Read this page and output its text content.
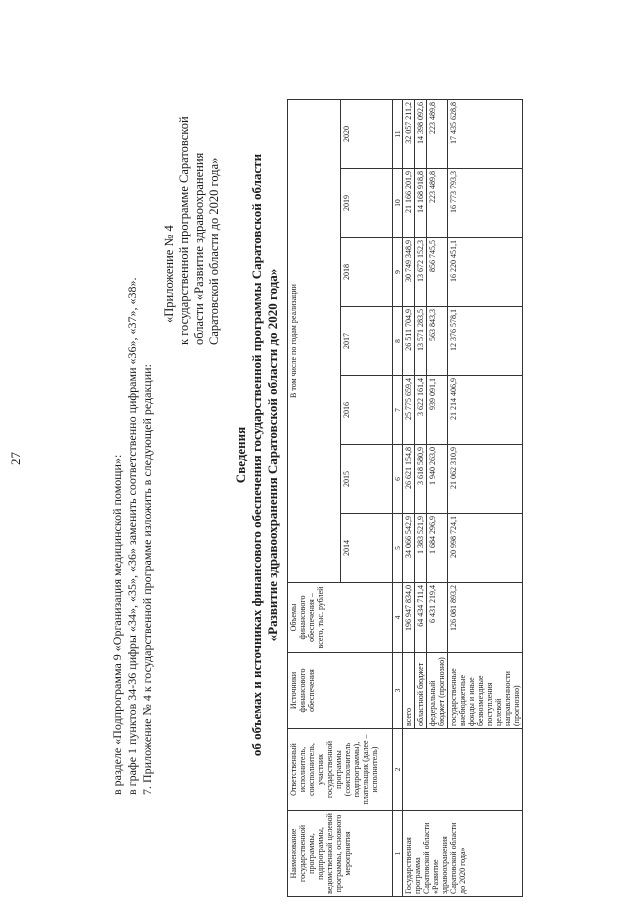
27	в разделе «Подпрограмма 9 «Организация медицинской помощи»: в графе 1 пунктов 34-36 цифры «34», «35», «36» заменить соответственно цифрами «36», «37», «38». 7. Приложение № 4 к государственной программе изложить в следующей редакции:
«Приложение № 4 к государственной программе Саратовской области «Развитие здравоохранения Саратовской области до 2020 года»
Сведения об объемах и источниках финансового обеспечения государственной программы Саратовской области «Развитие здравоохранения Саратовской области до 2020 года»
Наименование государственной программы, подпрограммы, ведомственной целевой программы, основного мероприятия	Ответственный исполнитель, соисполнитель, участник государственной программы (соисполнитель подпрограммы), плательщик (далее – исполнитель)	Источники финансового обеспечения	Объемы финансового обеспечения – всего, тыс. рублей	В том числе по годам реализации						
				2014	2015	2016	2017	2018	2019	2020
1	2	3	4	5	6	7	8	9	10	11
Государственная программа Саратовской области «Развитие здравоохранения Саратовской области до 2020 года»		всего	196 947 834,0	34 066 542,9	26 621 154,8	25 775 659,4	26 511 704,9	30 749 348,9	21 166 201,9	32 057 211,2
		областной бюджет	64 434 711,4	1 383 521,9	3 618 580,9	3 622 161,4	13 571 283,5	13 672 152,3	14 168 918,8	14 398 092,6
		федеральный бюджет (прогнозно)	6 431 219,4	1 684 296,9	1 940 263,0	939 091,1	563 843,3	856 745,5	223 489,8	223 489,8
		государственные внебюджетные фонды и иные безвозмездные поступления целевой направленности (прогнозно)	126 081 893,2	20 998 724,1	21 062 310,9	21 214 406,9	12 376 578,1	16 220 451,1	16 773 793,3	17 435 628,8
